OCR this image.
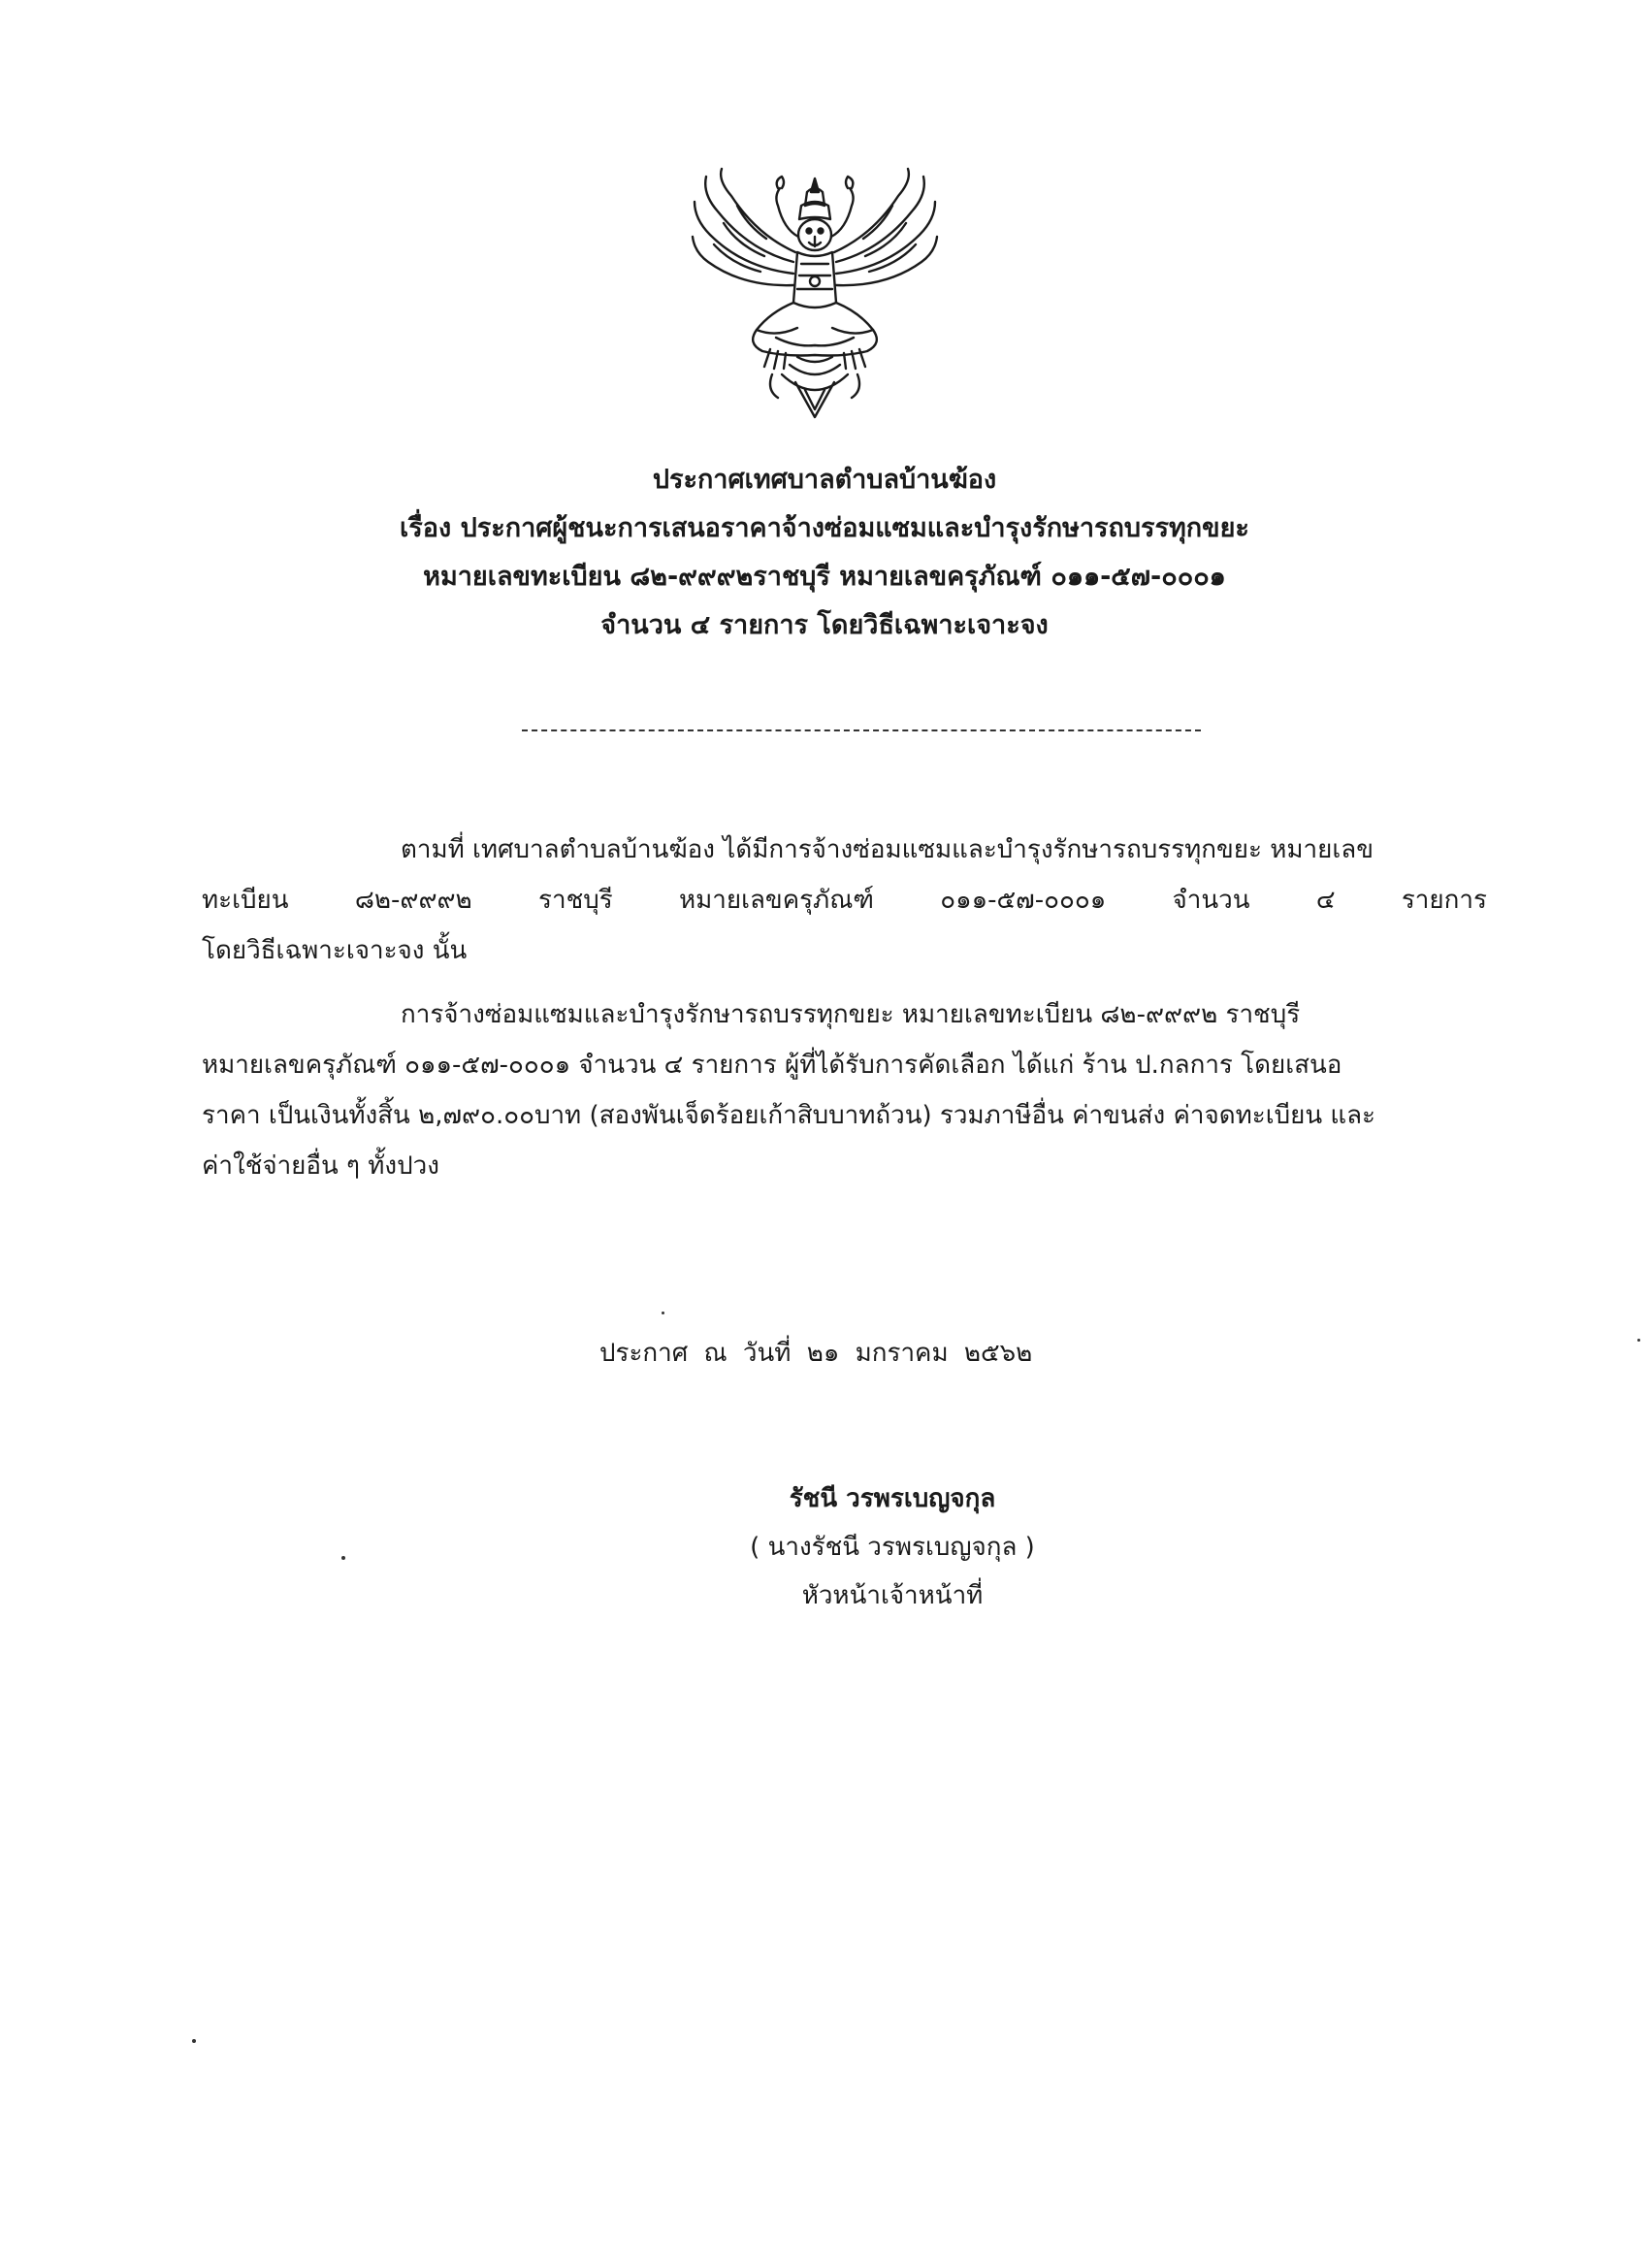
ประกาศเทศบาลตำบลบ้านฆ้อง
เรื่อง ประกาศผู้ชนะการเสนอราคาจ้างซ่อมแซมและบำรุงรักษารถบรรทุกขยะ
หมายเลขทะเบียน ๘๒-๙๙๙๒ราชบุรี หมายเลขครุภัณฑ์ ๐๑๑-๕๗-๐๐๐๑
จำนวน ๔ รายการ โดยวิธีเฉพาะเจาะจง
ตามที่ เทศบาลตำบลบ้านฆ้อง ได้มีการจ้างซ่อมแซมและบำรุงรักษารถบรรทุกขยะ หมายเลข
ทะเบียน	๘๒-๙๙๙๒	ราชบุรี	หมายเลขครุภัณฑ์	๐๑๑-๕๗-๐๐๐๑	จำนวน	๔	รายการ
โดยวิธีเฉพาะเจาะจง นั้น
การจ้างซ่อมแซมและบำรุงรักษารถบรรทุกขยะ หมายเลขทะเบียน ๘๒-๙๙๙๒ ราชบุรี
หมายเลขครุภัณฑ์ ๐๑๑-๕๗-๐๐๐๑ จำนวน ๔ รายการ ผู้ที่ได้รับการคัดเลือก ได้แก่ ร้าน ป.กลการ โดยเสนอ
ราคา เป็นเงินทั้งสิ้น ๒,๗๙๐.๐๐บาท (สองพันเจ็ดร้อยเก้าสิบบาทถ้วน) รวมภาษีอื่น ค่าขนส่ง ค่าจดทะเบียน และ
ค่าใช้จ่ายอื่น ๆ ทั้งปวง
ประกาศ ณ วันที่ ๒๑ มกราคม ๒๕๖๒
รัชนี วรพรเบญจกุล
( นางรัชนี วรพรเบญจกุล )
หัวหน้าเจ้าหน้าที่
